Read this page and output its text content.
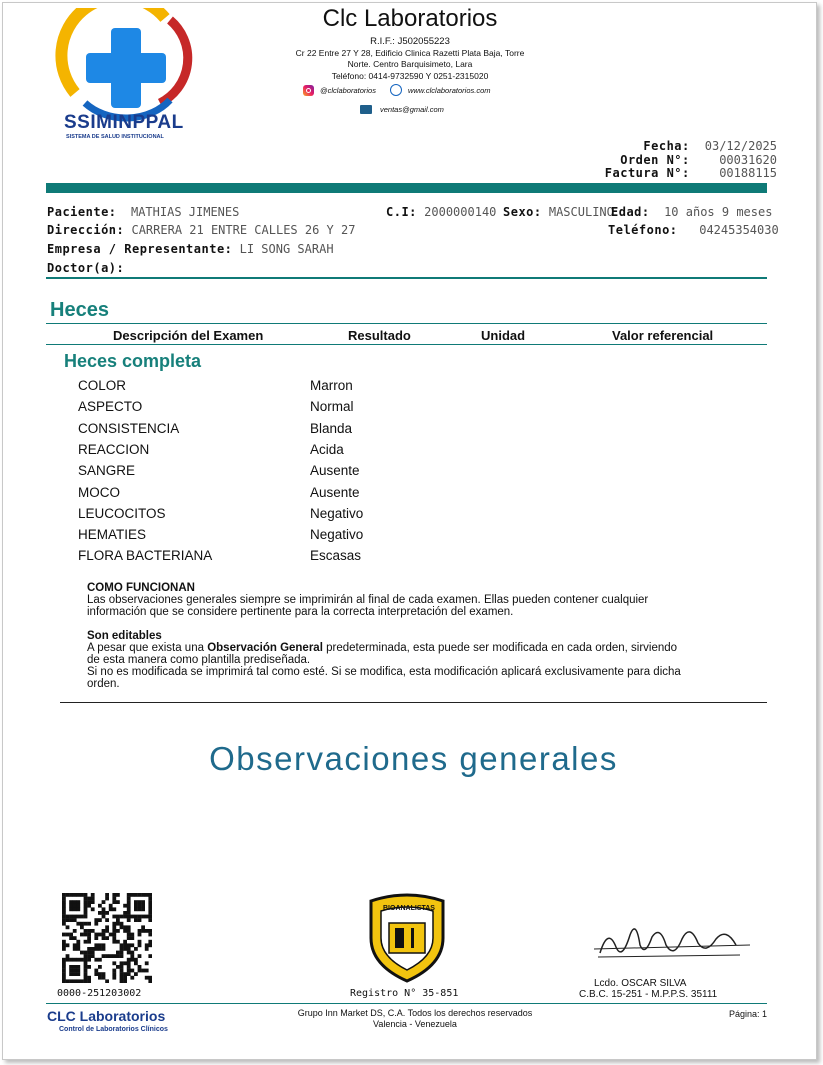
SSIMINPPAL
SISTEMA DE SALUD INSTITUCIONAL
Clc Laboratorios
R.I.F.: J502055223
Cr 22 Entre 27 Y 28, Edificio Clinica Razetti Plata Baja, Torre
Norte. Centro Barquisimeto, Lara
Teléfono: 0414-9732590 Y 0251-2315020
@clclaboratorios	www.clclaboratorios.com
ventas@gmail.com
Fecha: 03/12/2025
Orden N°: 00031620
Factura N°: 00188115
Paciente: MATHIAS JIMENES	C.I: 2000000140 Sexo: MASCULINO
Edad: 10 años 9 meses
Dirección: CARRERA 21 ENTRE CALLES 26 Y 27	Teléfono: 04245354030
Empresa / Representante: LI SONG SARAH
Doctor(a):
Heces
Descripción del Examen	Resultado	Unidad	Valor referencial
Heces completa
COLOR	Marron
ASPECTO	Normal
CONSISTENCIA	Blanda
REACCION	Acida
SANGRE	Ausente
MOCO	Ausente
LEUCOCITOS	Negativo
HEMATIES	Negativo
FLORA BACTERIANA	Escasas
COMO FUNCIONAN
Las observaciones generales siempre se imprimirán al final de cada examen. Ellas pueden contener cualquier información que se considere pertinente para la correcta interpretación del examen.
Son editables
A pesar que exista una Observación General predeterminada, esta puede ser modificada en cada orden, sirviendo de esta manera como plantilla prediseñada.
Si no es modificada se imprimirá tal como esté. Si se modifica, esta modificación aplicará exclusivamente para dicha orden.
Observaciones generales
0000-251203002
BIOANALISTAS
Registro N° 35-851
Lcdo. OSCAR SILVA
C.B.C. 15-251 - M.P.P.S. 35111
CLC Laboratorios
Control de Laboratorios Clínicos
Grupo Inn Market DS, C.A. Todos los derechos reservados
Valencia - Venezuela
Página: 1
